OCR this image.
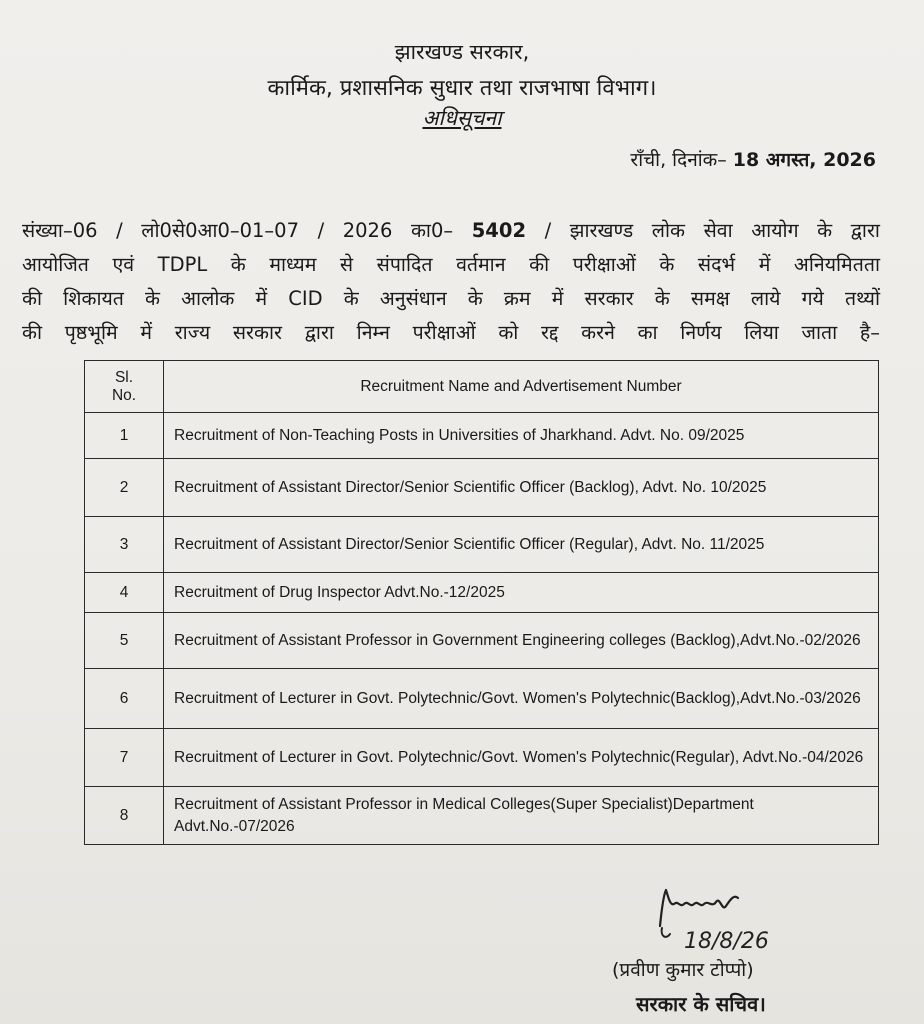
झारखण्ड सरकार,
कार्मिक, प्रशासनिक सुधार तथा राजभाषा विभाग।
अधिसूचना
राँची, दिनांक– 18 अगस्त, 2026
संख्या–06 / लो0से0आ0–01–07 / 2026 का0– 5402 / झारखण्ड लोक सेवा आयोग के द्वारा
आयोजित एवं TDPL के माध्यम से संपादित वर्तमान की परीक्षाओं के संदर्भ में अनियमितता
की शिकायत के आलोक में CID के अनुसंधान के क्रम में सरकार के समक्ष लाये गये तथ्यों
की पृष्ठभूमि में राज्य सरकार द्वारा निम्न परीक्षाओं को रद्द करने का निर्णय लिया जाता है–
Sl.
No.	Recruitment Name and Advertisement Number
1	Recruitment of Non-Teaching Posts in Universities of Jharkhand. Advt. No. 09/2025
2	Recruitment of Assistant Director/Senior Scientific Officer (Backlog), Advt. No. 10/2025
3	Recruitment of Assistant Director/Senior Scientific Officer (Regular), Advt. No. 11/2025
4	Recruitment of Drug Inspector Advt.No.-12/2025
5	Recruitment of Assistant Professor in Government Engineering colleges (Backlog),Advt.No.-02/2026
6	Recruitment of Lecturer in Govt. Polytechnic/Govt. Women's Polytechnic(Backlog),Advt.No.-03/2026
7	Recruitment of Lecturer in Govt. Polytechnic/Govt. Women's Polytechnic(Regular), Advt.No.-04/2026
8	Recruitment of Assistant Professor in Medical Colleges(Super Specialist)Department Advt.No.-07/2026
18/8/26
(प्रवीण कुमार टोप्पो)
सरकार के सचिव।
